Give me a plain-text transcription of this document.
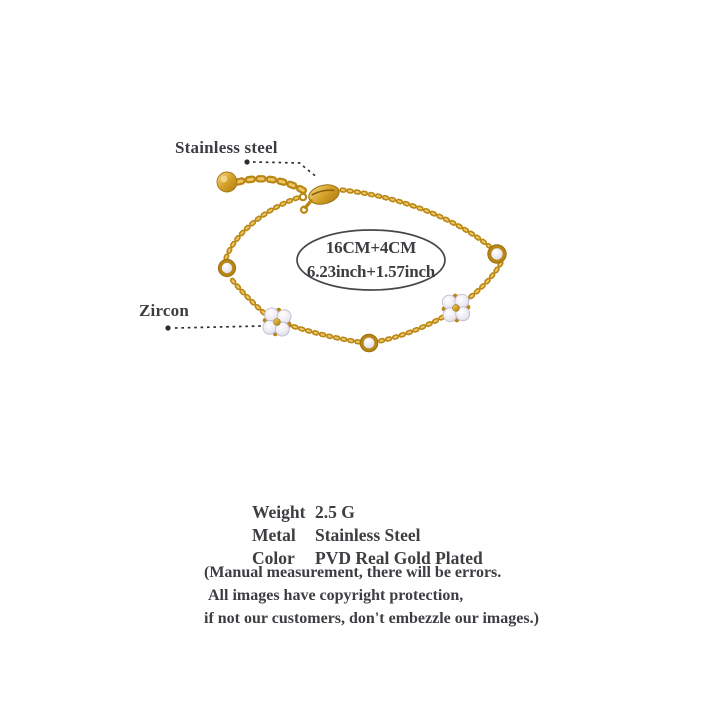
Stainless steel
Zircon
16CM+4CM
6.23inch+1.57inch
Weight 2.5 G
Metal	Stainless Steel
Color	PVD Real Gold Plated
(Manual measurement, there will be errors.
All images have copyright protection,
if not our customers, don't embezzle our images.)
